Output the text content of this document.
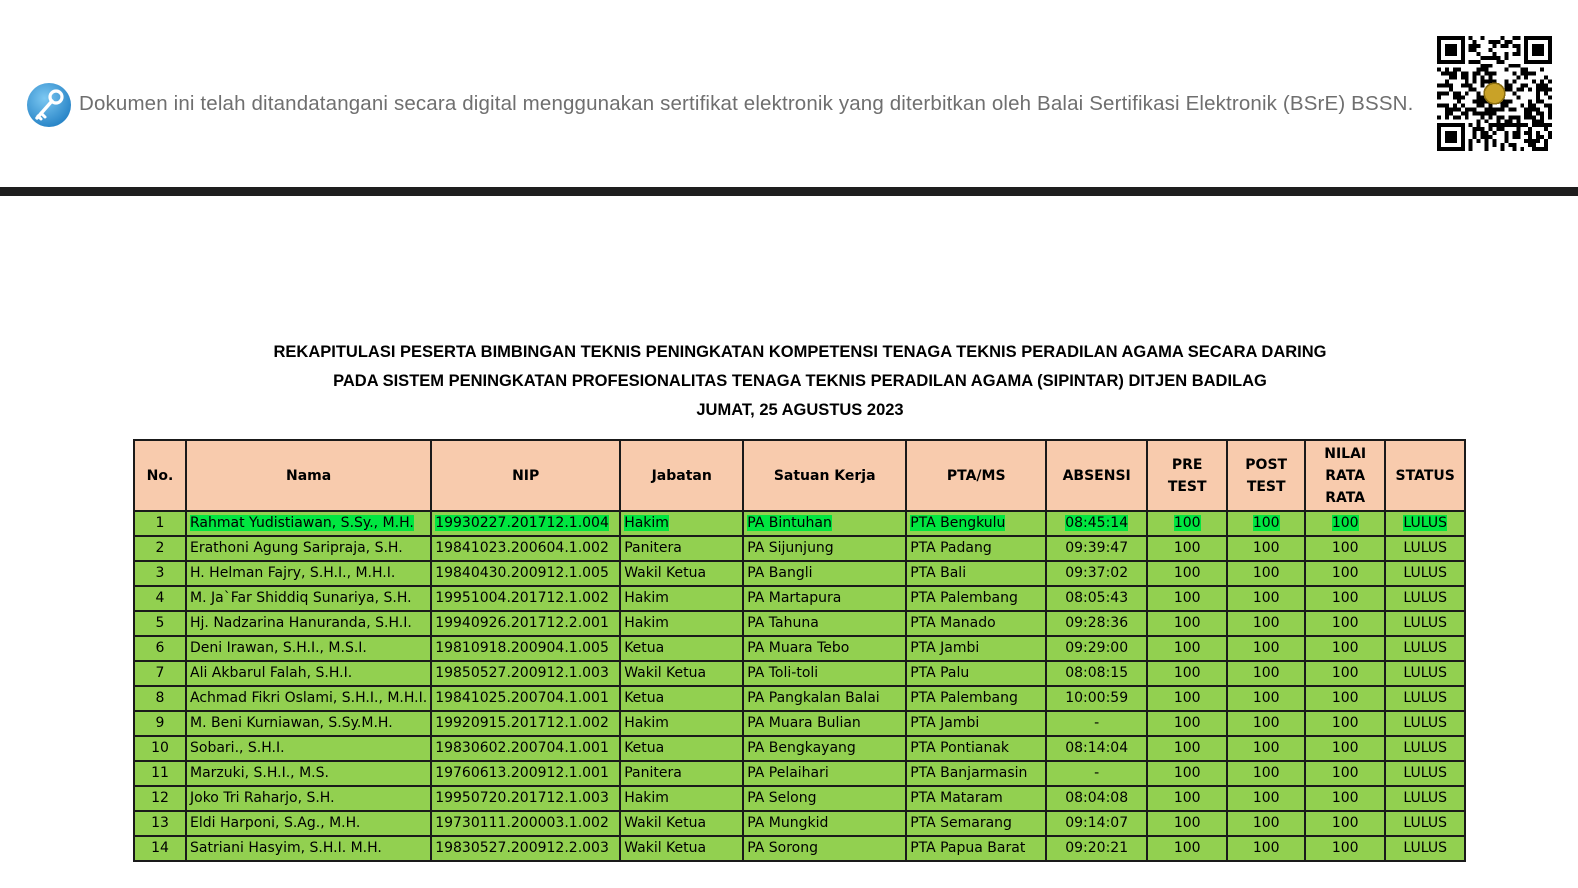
Dokumen ini telah ditandatangani secara digital menggunakan sertifikat elektronik yang diterbitkan oleh Balai Sertifikasi Elektronik (BSrE) BSSN.
REKAPITULASI PESERTA BIMBINGAN TEKNIS PENINGKATAN KOMPETENSI TENAGA TEKNIS PERADILAN AGAMA SECARA DARING
PADA SISTEM PENINGKATAN PROFESIONALITAS TENAGA TEKNIS PERADILAN AGAMA (SIPINTAR) DITJEN BADILAG
JUMAT, 25 AGUSTUS 2023
No.	Nama	NIP	Jabatan	Satuan Kerja	PTA/MS	ABSENSI	PRE TEST	POST TEST	NILAI RATA RATA	STATUS
1	Rahmat Yudistiawan, S.Sy., M.H.	19930227.201712.1.004	Hakim	PA Bintuhan	PTA Bengkulu	08:45:14	100	100	100	LULUS
2	Erathoni Agung Saripraja, S.H.	19841023.200604.1.002	Panitera	PA Sijunjung	PTA Padang	09:39:47	100	100	100	LULUS
3	H. Helman Fajry, S.H.I., M.H.I.	19840430.200912.1.005	Wakil Ketua	PA Bangli	PTA Bali	09:37:02	100	100	100	LULUS
4	M. Ja`Far Shiddiq Sunariya, S.H.	19951004.201712.1.002	Hakim	PA Martapura	PTA Palembang	08:05:43	100	100	100	LULUS
5	Hj. Nadzarina Hanuranda, S.H.I.	19940926.201712.2.001	Hakim	PA Tahuna	PTA Manado	09:28:36	100	100	100	LULUS
6	Deni Irawan, S.H.I., M.S.I.	19810918.200904.1.005	Ketua	PA Muara Tebo	PTA Jambi	09:29:00	100	100	100	LULUS
7	Ali Akbarul Falah, S.H.I.	19850527.200912.1.003	Wakil Ketua	PA Toli-toli	PTA Palu	08:08:15	100	100	100	LULUS
8	Achmad Fikri Oslami, S.H.I., M.H.I.	19841025.200704.1.001	Ketua	PA Pangkalan Balai	PTA Palembang	10:00:59	100	100	100	LULUS
9	M. Beni Kurniawan, S.Sy.M.H.	19920915.201712.1.002	Hakim	PA Muara Bulian	PTA Jambi	-	100	100	100	LULUS
10	Sobari., S.H.I.	19830602.200704.1.001	Ketua	PA Bengkayang	PTA Pontianak	08:14:04	100	100	100	LULUS
11	Marzuki, S.H.I., M.S.	19760613.200912.1.001	Panitera	PA Pelaihari	PTA Banjarmasin	-	100	100	100	LULUS
12	Joko Tri Raharjo, S.H.	19950720.201712.1.003	Hakim	PA Selong	PTA Mataram	08:04:08	100	100	100	LULUS
13	Eldi Harponi, S.Ag., M.H.	19730111.200003.1.002	Wakil Ketua	PA Mungkid	PTA Semarang	09:14:07	100	100	100	LULUS
14	Satriani Hasyim, S.H.I. M.H.	19830527.200912.2.003	Wakil Ketua	PA Sorong	PTA Papua Barat	09:20:21	100	100	100	LULUS
